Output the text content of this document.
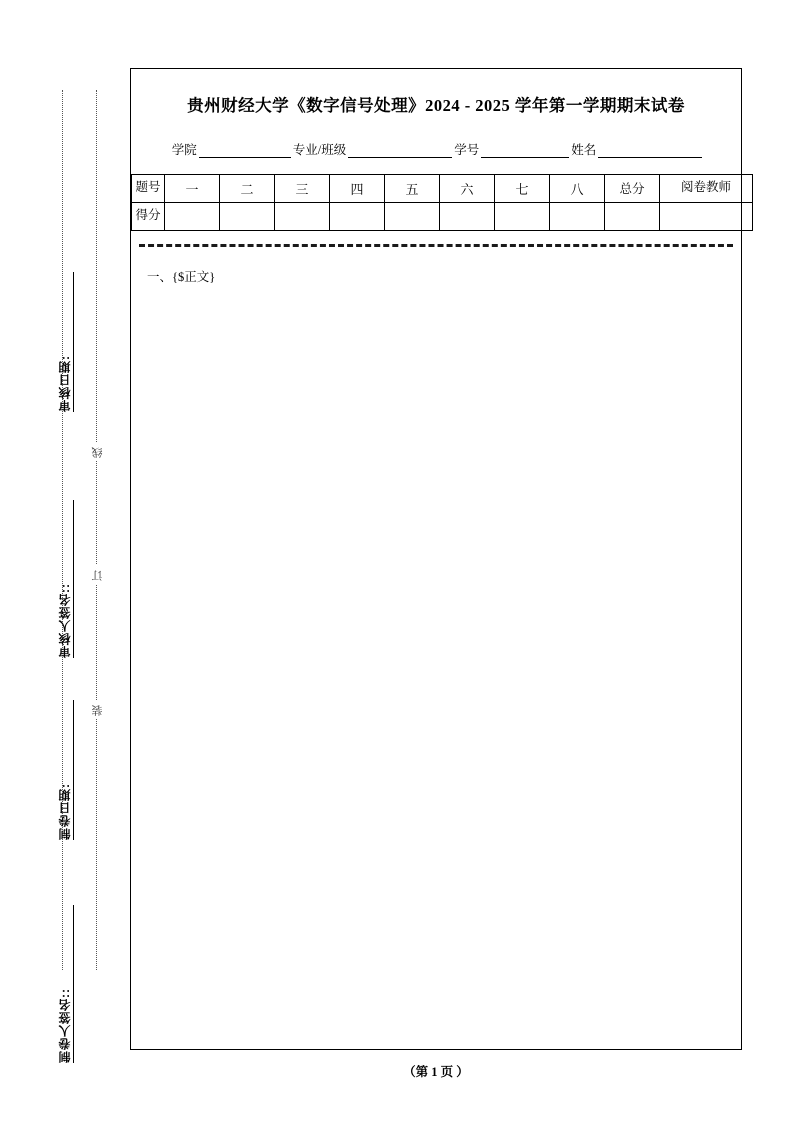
审核日期:
审核人签名::
制卷日期:
制卷人签名::
线
订
装
贵州财经大学《数字信号处理》2024 - 2025 学年第一学期期末试卷
学院	专业/班级	学号	姓名
题号	一	二	三	四	五	六	七	八	总分	阅卷教师
得分										
一、{$正文}
（第 1 页 ）
